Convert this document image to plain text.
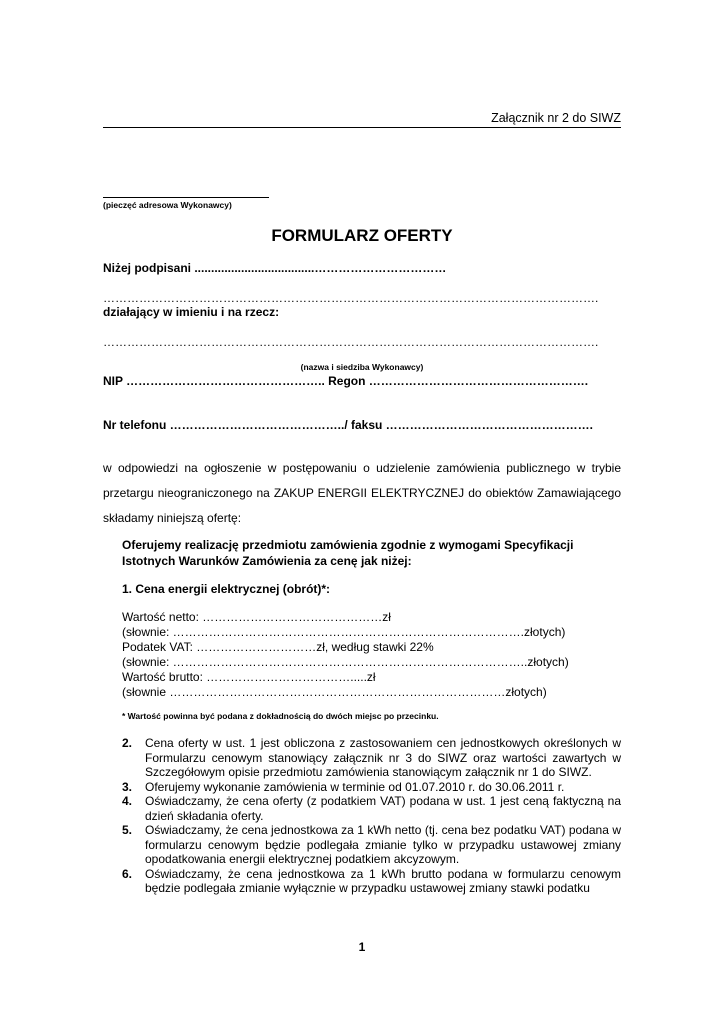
Załącznik nr 2 do SIWZ
(pieczęć adresowa Wykonawcy)
FORMULARZ OFERTY
Niżej podpisani ....................................……………………………
…………………………………………………………………………………………………………….
działający w imieniu i na rzecz:
…………………………………………………………………………………………………………….
(nazwa i siedziba Wykonawcy)
NIP ………………………………………….. Regon ……………………………………………….
Nr telefonu ……………………………………../ faksu …………………………………………….
w odpowiedzi na ogłoszenie w postępowaniu o udzielenie zamówienia publicznego w trybie przetargu nieograniczonego na ZAKUP ENERGII ELEKTRYCZNEJ do obiektów Zamawiającego składamy niniejszą ofertę:
Oferujemy realizację przedmiotu zamówienia zgodnie z wymogami Specyfikacji Istotnych Warunków Zamówienia za cenę jak niżej:
1. Cena energii elektrycznej (obrót)*:
Wartość netto: ………………………………………zł
(słownie: …………………………………………………………………………….złotych)
Podatek VAT: …………………………zł, według stawki 22%
(słownie: ……………………………………………………………………………..złotych)
Wartość brutto: ……………………………….....zł
(słownie …………………………………………………………………………złotych)
* Wartość powinna być podana z dokładnością do dwóch miejsc po przecinku.
2. Cena oferty w ust. 1 jest obliczona z zastosowaniem cen jednostkowych określonych w Formularzu cenowym stanowiący załącznik nr 3 do SIWZ oraz wartości zawartych w Szczegółowym opisie przedmiotu zamówienia stanowiącym załącznik nr 1 do SIWZ.
3. Oferujemy wykonanie zamówienia w terminie od 01.07.2010 r. do 30.06.2011 r.
4. Oświadczamy, że cena oferty (z podatkiem VAT) podana w ust. 1 jest ceną faktyczną na dzień składania oferty.
5. Oświadczamy, że cena jednostkowa za 1 kWh netto (tj. cena bez podatku VAT) podana w formularzu cenowym będzie podlegała zmianie tylko w przypadku ustawowej zmiany opodatkowania energii elektrycznej podatkiem akcyzowym.
6. Oświadczamy, że cena jednostkowa za 1 kWh brutto podana w formularzu cenowym będzie podlegała zmianie wyłącznie w przypadku ustawowej zmiany stawki podatku
1
